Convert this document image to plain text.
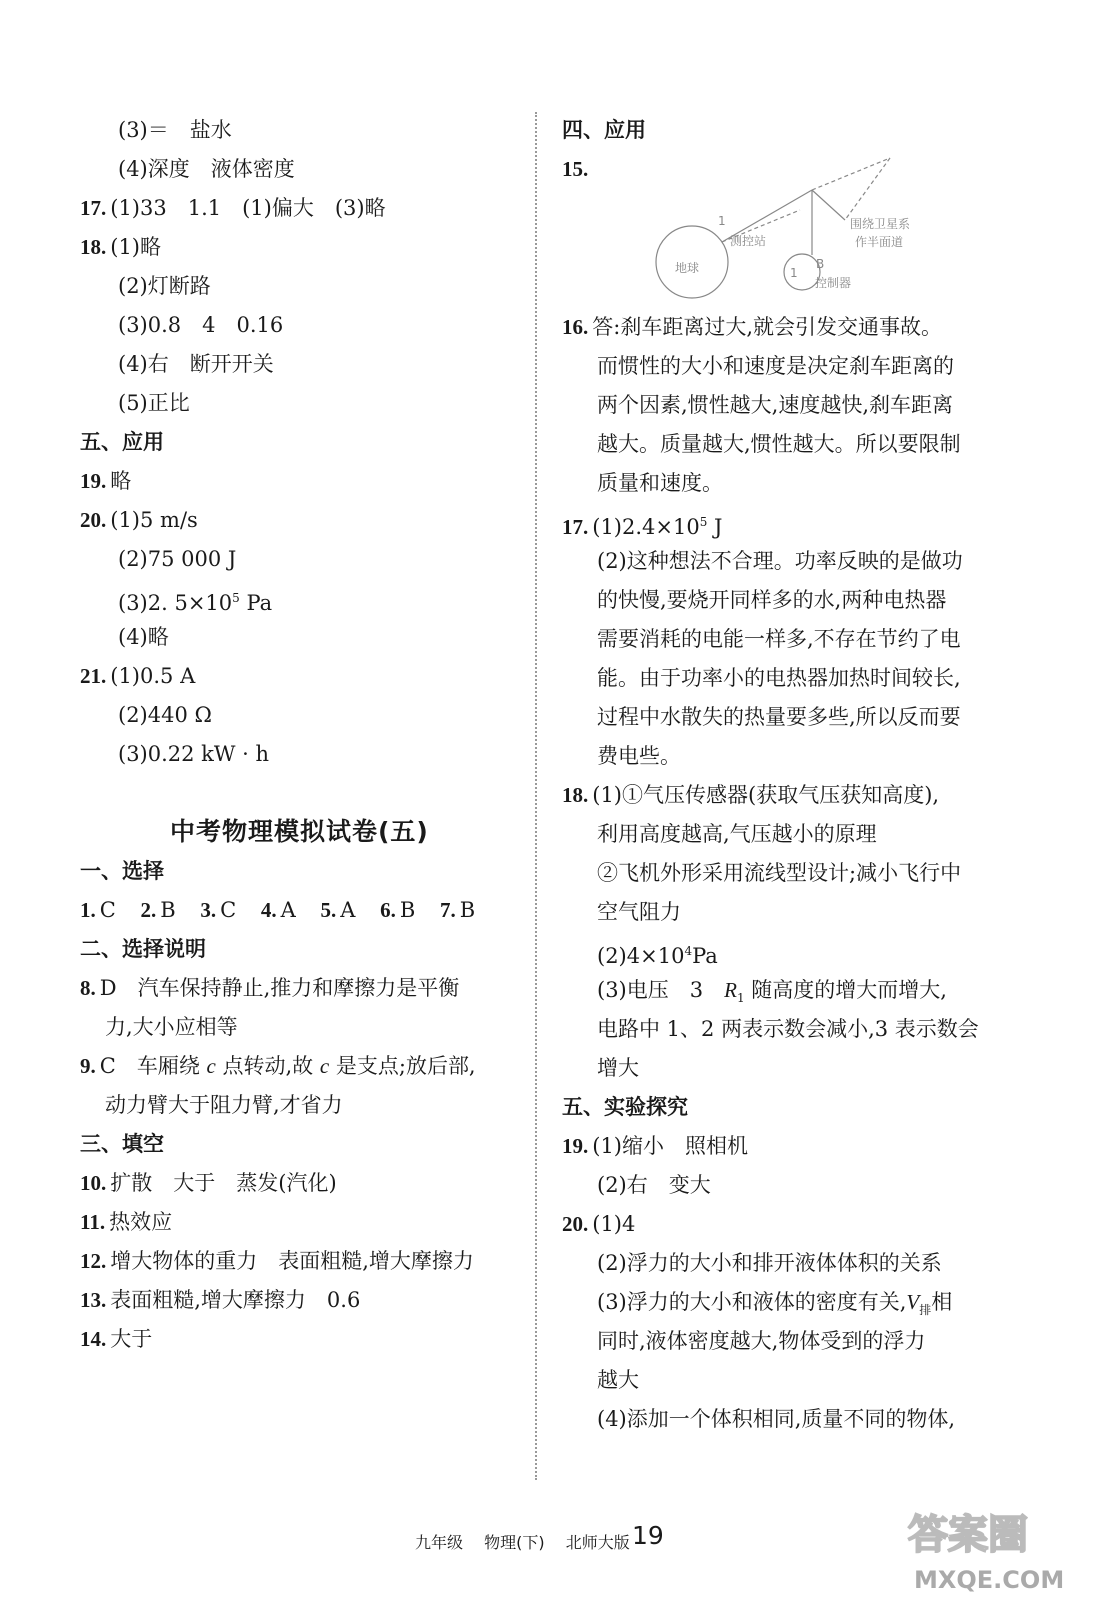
(3)＝　盐水
(4)深度　液体密度
17. (1)33　1.1　(1)偏大　(3)略
18. (1)略
(2)灯断路
(3)0.8　4　0.16
(4)右　断开开关
(5)正比
五、应用
19. 略
20. (1)5 m/s
(2)75 000 J
(3)2. $5\times 10^5$ Pa
(4)略
21. (1)0.5 A
(2)440 Ω
(3)0.22 kW · h
中考物理模拟试卷(五)
一、选择
1. C 2. B 3. C 4. A 5. A 6. B 7. B
二、选择说明
8. D　汽车保持静止,推力和摩擦力是平衡
力,大小应相等
9. C　车厢绕 c 点转动,故 c 是支点;放后部,
动力臂大于阻力臂,才省力
三、填空
10. 扩散　大于　蒸发(汽化)
11. 热效应
12. 增大物体的重力　表面粗糙,增大摩擦力
13. 表面粗糙,增大摩擦力　0.6
14. 大于
四、应用
15.
地球
测控站
1
1
B
控制器
围绕卫星系
作半面道
16. 答:刹车距离过大,就会引发交通事故。
而惯性的大小和速度是决定刹车距离的
两个因素,惯性越大,速度越快,刹车距离
越大。质量越大,惯性越大。所以要限制
质量和速度。
17. $(1)2.4\times 10^5$ J
(2)这种想法不合理。功率反映的是做功
的快慢,要烧开同样多的水,两种电热器
需要消耗的电能一样多,不存在节约了电
能。由于功率小的电热器加热时间较长,
过程中水散失的热量要多些,所以反而要
费电些。
18. (1)①气压传感器(获取气压获知高度),
利用高度越高,气压越小的原理
②飞机外形采用流线型设计;减小飞行中
空气阻力
$(2)4\times 10^4Pa$
(3)电压　3　$R_1$ 随高度的增大而增大,
电路中 1、2 两表示数会减小,3 表示数会
增大
五、实验探究
19. (1)缩小　照相机
(2)右　变大
20. (1)4
(2)浮力的大小和排开液体体积的关系
(3)浮力的大小和液体的密度有关$,V_排$相
同时,液体密度越大,物体受到的浮力
越大
(4)添加一个体积相同,质量不同的物体,
九年级 物理(下) 北师大版 19	答案圈
MXQE.COM
